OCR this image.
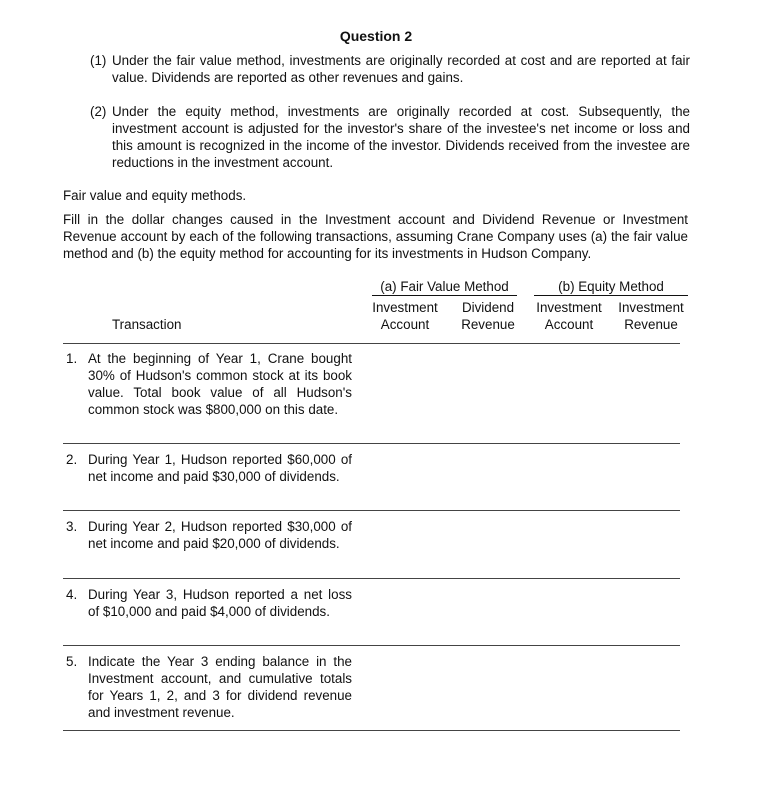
Question 2
(1) Under the fair value method, investments are originally recorded at cost and are reported at fair value. Dividends are reported as other revenues and gains.
(2) Under the equity method, investments are originally recorded at cost. Subsequently, the investment account is adjusted for the investor's share of the investee's net income or loss and this amount is recognized in the income of the investor. Dividends received from the investee are reductions in the investment account.
Fair value and equity methods.
Fill in the dollar changes caused in the Investment account and Dividend Revenue or Investment Revenue account by each of the following transactions, assuming Crane Company uses (a) the fair value method and (b) the equity method for accounting for its investments in Hudson Company.
(a) Fair Value Method	(b) Equity Method
Investment
Account
Dividend
Revenue
Investment
Account
Investment
Revenue
Transaction
1. At the beginning of Year 1, Crane bought 30% of Hudson's common stock at its book value. Total book value of all Hudson's common stock was $800,000 on this date.
2. During Year 1, Hudson reported $60,000 of net income and paid $30,000 of dividends.
3. During Year 2, Hudson reported $30,000 of net income and paid $20,000 of dividends.
4. During Year 3, Hudson reported a net loss of $10,000 and paid $4,000 of dividends.
5. Indicate the Year 3 ending balance in the Investment account, and cumulative totals for Years 1, 2, and 3 for dividend revenue and investment revenue.
